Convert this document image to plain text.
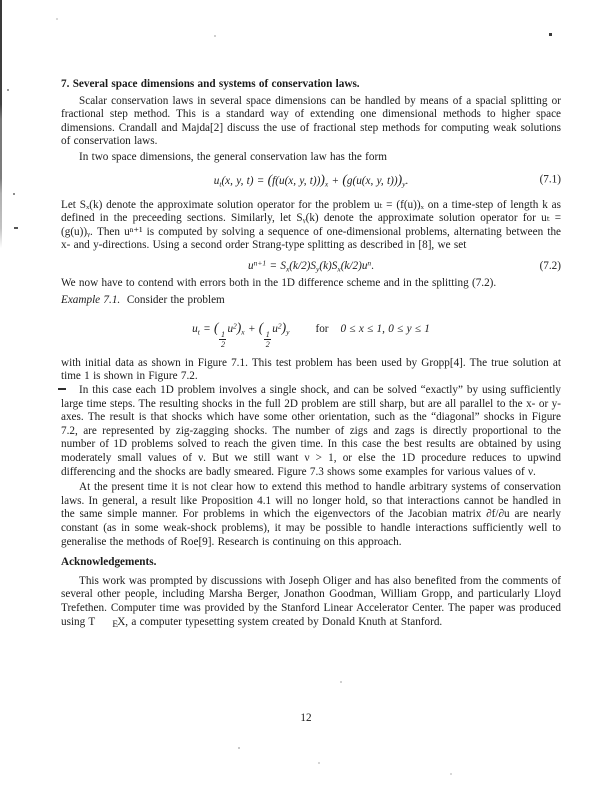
7. Several space dimensions and systems of conservation laws.

Scalar conservation laws in several space dimensions can be handled by means of a spacial splitting or fractional step method. This is a standard way of extending one dimensional methods to higher space dimensions. Crandall and Majda[2] discuss the use of fractional step methods for computing weak solutions of conservation laws.

In two space dimensions, the general conservation law has the form

$u_t(x$, y, t) = (f(u(x, y, $t)))_x + (g(u(x$, y, $t)))_y$.	(7.1)

Let Sₓ(k) denote the approximate solution operator for the problem uₜ = (f(u))ₓ on a time-step of length k as defined in the preceeding sections. Similarly, let Sᵧ(k) denote the approximate solution operator for uₜ = (g(u))ᵧ. Then uⁿ⁺¹ is computed by solving a sequence of one-dimensional problems, alternating between the x- and y-directions. Using a second order Strang-type splitting as described in [8], we set

$u^{n+1} = S_x(k/2)S_y(k)S_x(k/2)u^n$.	(7.2)

We now have to contend with errors both in the 1D difference scheme and in the splitting (7.2).

Example 7.1. Consider the problem

$u_t$ = (
$\frac{1}{2}$
$u^2)_x$ + (
$\frac{1}{2}$
$u^2)_y$ for 0 ≤ x ≤ 1, 0 ≤ y ≤ 1

with initial data as shown in Figure 7.1. This test problem has been used by Gropp[4]. The true solution at time 1 is shown in Figure 7.2.

In this case each 1D problem involves a single shock, and can be solved “exactly” by using sufficiently large time steps. The resulting shocks in the full 2D problem are still sharp, but are all parallel to the x- or y-axes. The result is that shocks which have some other orientation, such as the “diagonal” shocks in Figure 7.2, are represented by zig-zagging shocks. The number of zigs and zags is directly proportional to the number of 1D problems solved to reach the given time. In this case the best results are obtained by using moderately small values of ν. But we still want ν > 1, or else the 1D procedure reduces to upwind differencing and the shocks are badly smeared. Figure 7.3 shows some examples for various values of ν.

At the present time it is not clear how to extend this method to handle arbitrary systems of conservation laws. In general, a result like Proposition 4.1 will no longer hold, so that interactions cannot be handled in the same simple manner. For problems in which the eigenvectors of the Jacobian matrix ∂f/∂u are nearly constant (as in some weak-shock problems), it may be possible to handle interactions sufficiently well to generalise the methods of Roe[9]. Research is continuing on this approach.

Acknowledgements.

This work was prompted by discussions with Joseph Oliger and has also benefited from the comments of several other people, including Marsha Berger, Jonathon Goodman, William Gropp, and particularly Lloyd Trefethen. Computer time was provided by the Stanford Linear Accelerator Center. The paper was produced using T EX, a computer typesetting system created by Donald Knuth at Stanford.

12
